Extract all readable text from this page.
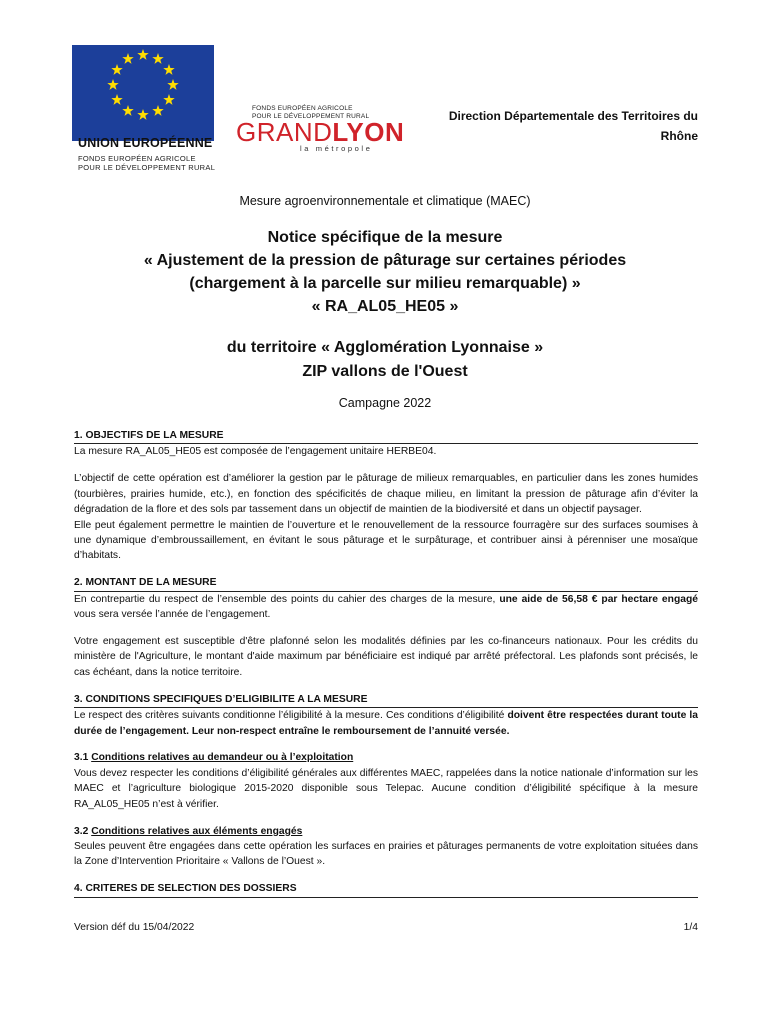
UNION EUROPÉENNE
FONDS EUROPÉEN AGRICOLE
POUR LE DÉVELOPPEMENT RURAL
FONDS EUROPÉEN AGRICOLE
POUR LE DÉVELOPPEMENT RURAL
GRANDLYON
la métropole
Direction Départementale des Territoires du
Rhône
Mesure agroenvironnementale et climatique (MAEC)
Notice spécifique de la mesure
« Ajustement de la pression de pâturage sur certaines périodes
(chargement à la parcelle sur milieu remarquable) »
« RA_AL05_HE05 »
du territoire « Agglomération Lyonnaise »
ZIP vallons de l'Ouest
Campagne 2022
1. OBJECTIFS DE LA MESURE

La mesure RA_AL05_HE05 est composée de l’engagement unitaire HERBE04.

L’objectif de cette opération est d’améliorer la gestion par le pâturage de milieux remarquables, en particulier dans les zones humides (tourbières, prairies humide, etc.), en fonction des spécificités de chaque milieu, en limitant la pression de pâturage afin d’éviter la dégradation de la flore et des sols par tassement dans un objectif de maintien de la biodiversité et dans un objectif paysager.

Elle peut également permettre le maintien de l’ouverture et le renouvellement de la ressource fourragère sur des surfaces soumises à une dynamique d’embroussaillement, en évitant le sous pâturage et le surpâturage, et contribuer ainsi à pérenniser une mosaïque d’habitats.

2. MONTANT DE LA MESURE

En contrepartie du respect de l’ensemble des points du cahier des charges de la mesure, une aide de 56,58 € par hectare engagé vous sera versée l’année de l’engagement.

Votre engagement est susceptible d'être plafonné selon les modalités définies par les co-financeurs nationaux. Pour les crédits du ministère de l'Agriculture, le montant d'aide maximum par bénéficiaire est indiqué par arrêté préfectoral. Les plafonds sont précisés, le cas échéant, dans la notice territoire.

3. CONDITIONS SPECIFIQUES D’ELIGIBILITE A LA MESURE

Le respect des critères suivants conditionne l’éligibilité à la mesure. Ces conditions d’éligibilité doivent être respectées durant toute la durée de l’engagement. Leur non-respect entraîne le remboursement de l’annuité versée.

3.1 Conditions relatives au demandeur ou à l’exploitation

Vous devez respecter les conditions d’éligibilité générales aux différentes MAEC, rappelées dans la notice nationale d’information sur les MAEC et l’agriculture biologique 2015-2020 disponible sous Telepac. Aucune condition d’éligibilité spécifique à la mesure RA_AL05_HE05 n’est à vérifier.

3.2 Conditions relatives aux éléments engagés

Seules peuvent être engagées dans cette opération les surfaces en prairies et pâturages permanents de votre exploitation situées dans la Zone d’Intervention Prioritaire « Vallons de l’Ouest ».

4. CRITERES DE SELECTION DES DOSSIERS
Version déf du 15/04/2022	1/4
